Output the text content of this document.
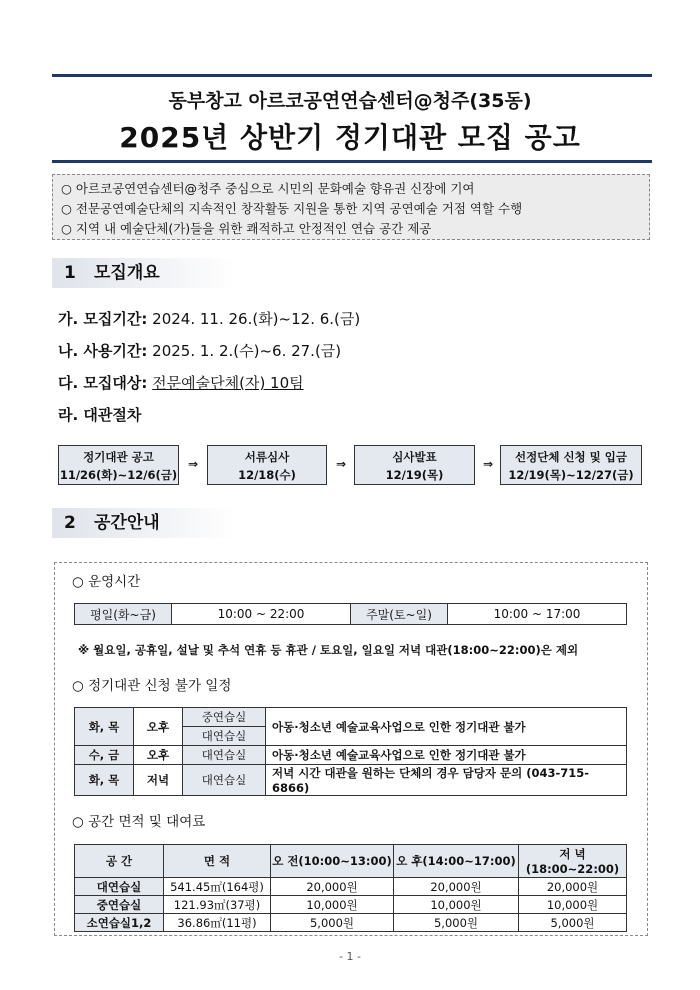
동부창고 아르코공연연습센터@청주(35동)
2025년 상반기 정기대관 모집 공고
○ 아르코공연연습센터@청주 중심으로 시민의 문화예술 향유권 신장에 기여
○ 전문공연예술단체의 지속적인 창작활동 지원을 통한 지역 공연예술 거점 역할 수행
○ 지역 내 예술단체(가)들을 위한 쾌적하고 안정적인 연습 공간 제공
1 모집개요
가. 모집기간: 2024. 11. 26.(화)~12. 6.(금)
나. 사용기간: 2025. 1. 2.(수)~6. 27.(금)
다. 모집대상: 전문예술단체(자) 10팀
라. 대관절차
정기대관 공고
11/26(화)~12/6(금)
⇒	서류심사
12/18(수)
⇒	심사발표
12/19(목)
⇒	선정단체 신청 및 입금
12/19(목)~12/27(금)
2 공간안내
○ 운영시간
평일(화~금)	10:00 ~ 22:00	주말(토~일)	10:00 ~ 17:00
※ 월요일, 공휴일, 설날 및 추석 연휴 등 휴관 / 토요일, 일요일 저녁 대관(18:00~22:00)은 제외
○ 정기대관 신청 불가 일정
화, 목	오후	중연습실	아동·청소년 예술교육사업으로 인한 정기대관 불가
		대연습실	
수, 금	오후	대연습실	아동·청소년 예술교육사업으로 인한 정기대관 불가
화, 목	저녁	대연습실	저녁 시간 대관을 원하는 단체의 경우 담당자 문의 (043-715-6866)
○ 공간 면적 및 대여료
공 간	면 적	오 전(10:00~13:00)	오 후(14:00~17:00)	저 녁(18:00~22:00)
대연습실	541.45㎡(164평)	20,000원	20,000원	20,000원
중연습실	121.93㎡(37평)	10,000원	10,000원	10,000원
소연습실1,2	36.86㎡(11평)	5,000원	5,000원	5,000원
- 1 -
